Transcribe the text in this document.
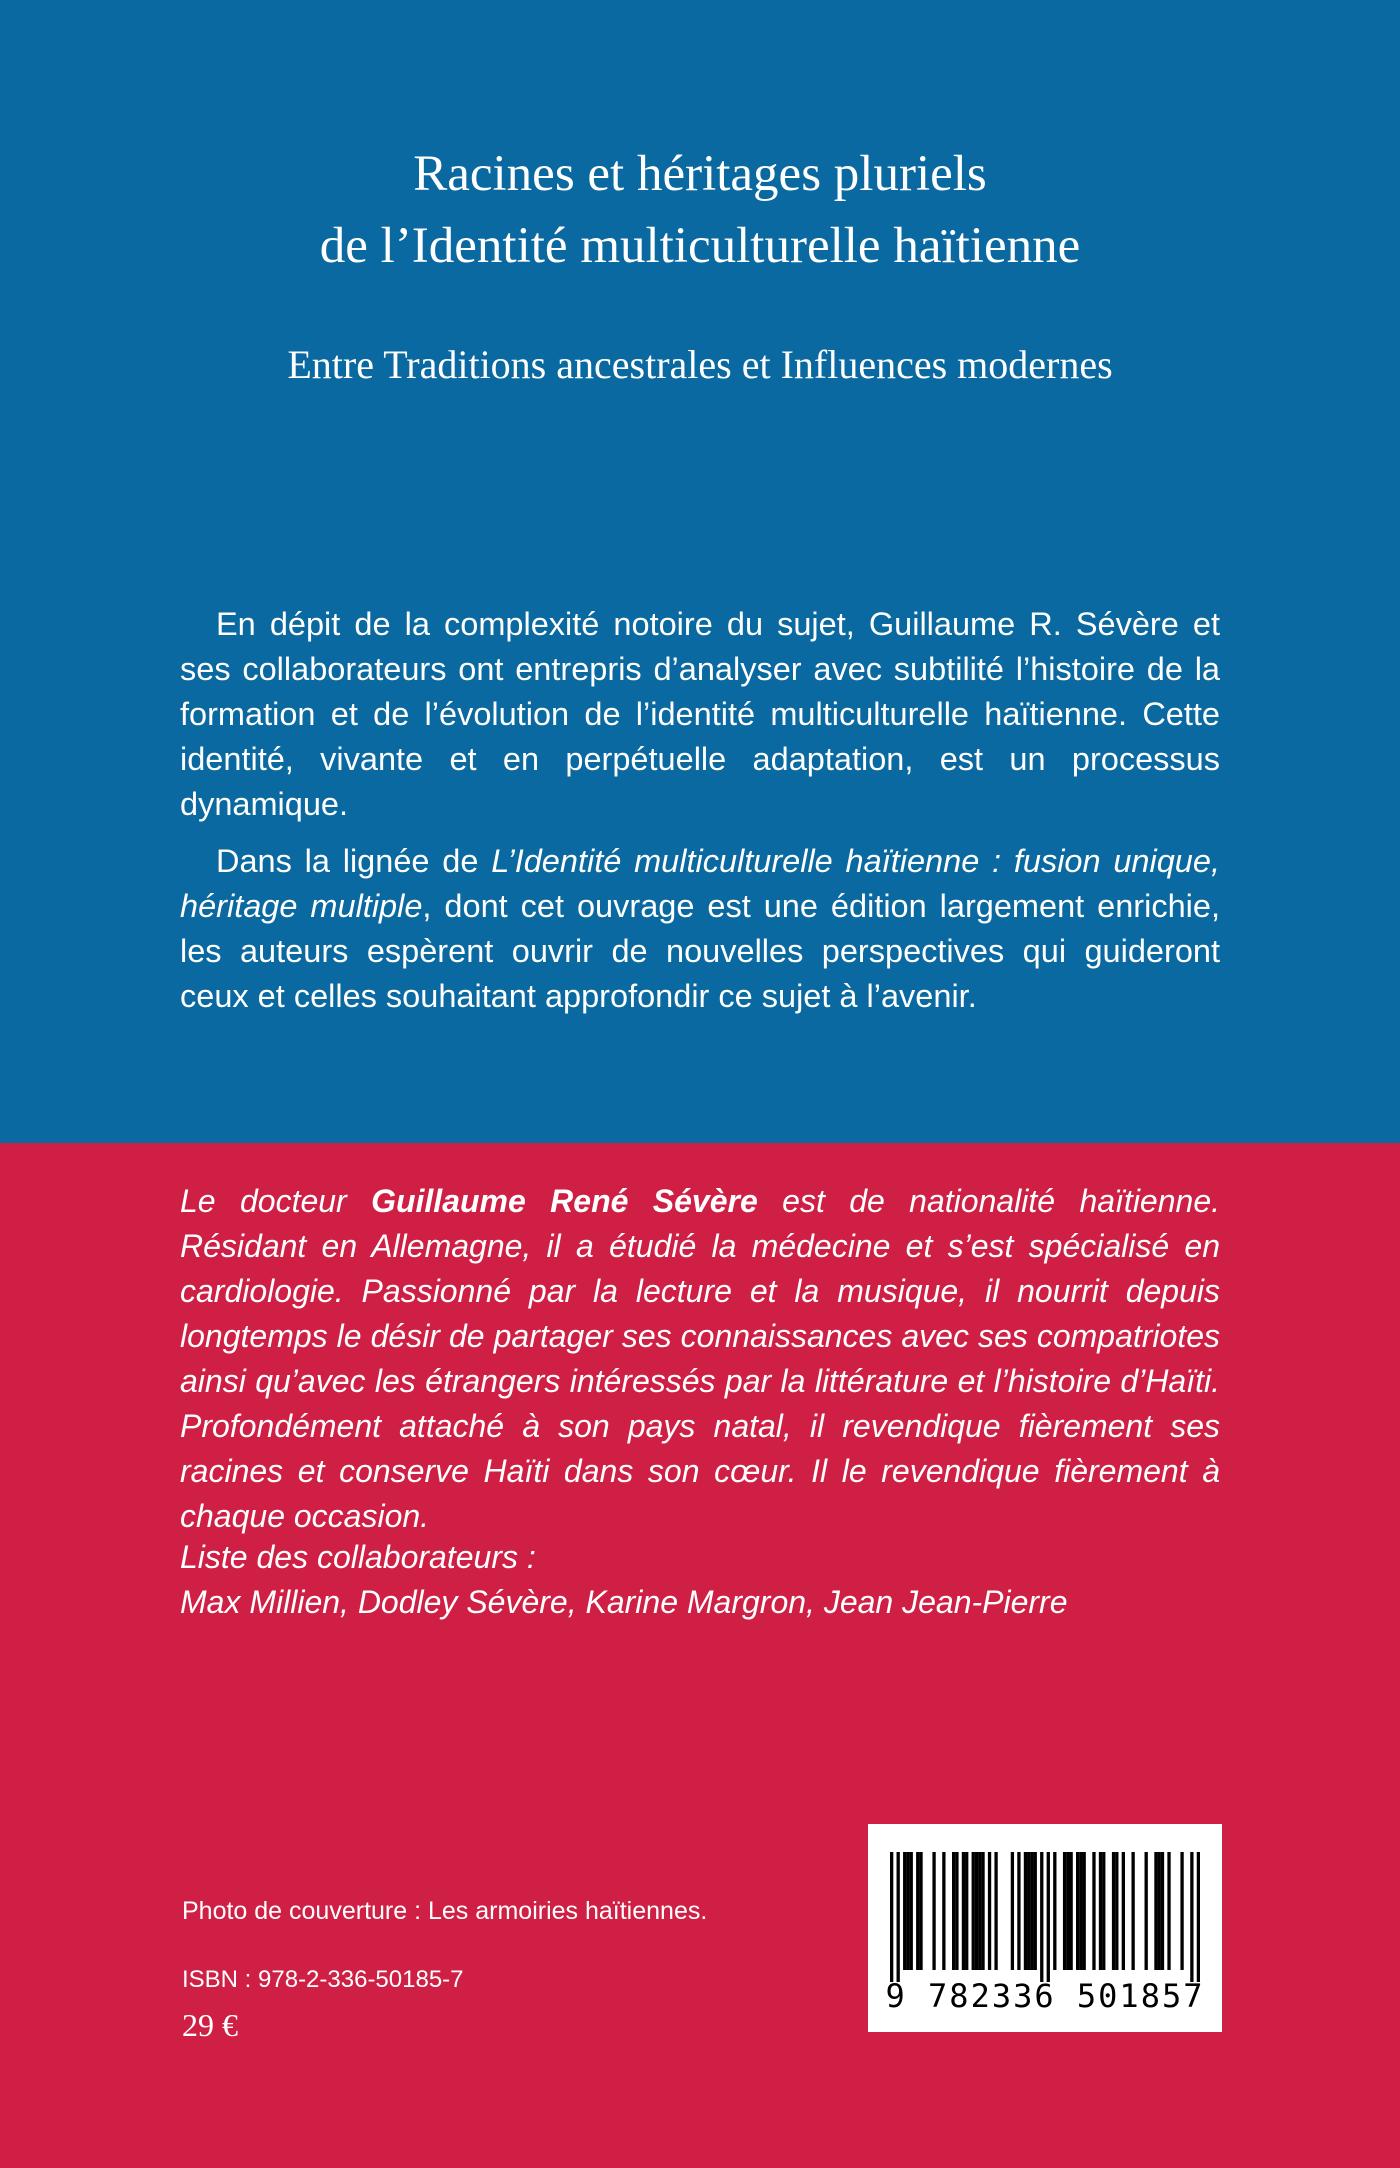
Racines et héritages pluriels
de l’Identité multiculturelle haïtienne
Entre Traditions ancestrales et Influences modernes

En dépit de la complexité notoire du sujet, Guillaume R. Sévère et ses collaborateurs ont entrepris d’analyser avec subtilité l’histoire de la formation et de l’évolution de l’identité multiculturelle haïtienne. Cette identité, vivante et en perpétuelle adaptation, est un processus dynamique.

Dans la lignée de L’Identité multiculturelle haïtienne : fusion unique, héritage multiple, dont cet ouvrage est une édition largement enrichie, les auteurs espèrent ouvrir de nouvelles perspectives qui guideront ceux et celles souhaitant approfondir ce sujet à l’avenir.

Le docteur Guillaume René Sévère est de nationalité haïtienne. Résidant en Allemagne, il a étudié la médecine et s’est spécialisé en cardiologie. Passionné par la lecture et la musique, il nourrit depuis longtemps le désir de partager ses connaissances avec ses compatriotes ainsi qu’avec les étrangers intéressés par la littérature et l’histoire d’Haïti. Profondément attaché à son pays natal, il revendique fièrement ses racines et conserve Haïti dans son cœur. Il le revendique fièrement à chaque occasion.

Liste des collaborateurs :
Max Millien, Dodley Sévère, Karine Margron, Jean Jean-Pierre
Photo de couverture : Les armoiries haïtiennes.
ISBN : 978-2-336-50185-7
29 €
9 782336 501857
